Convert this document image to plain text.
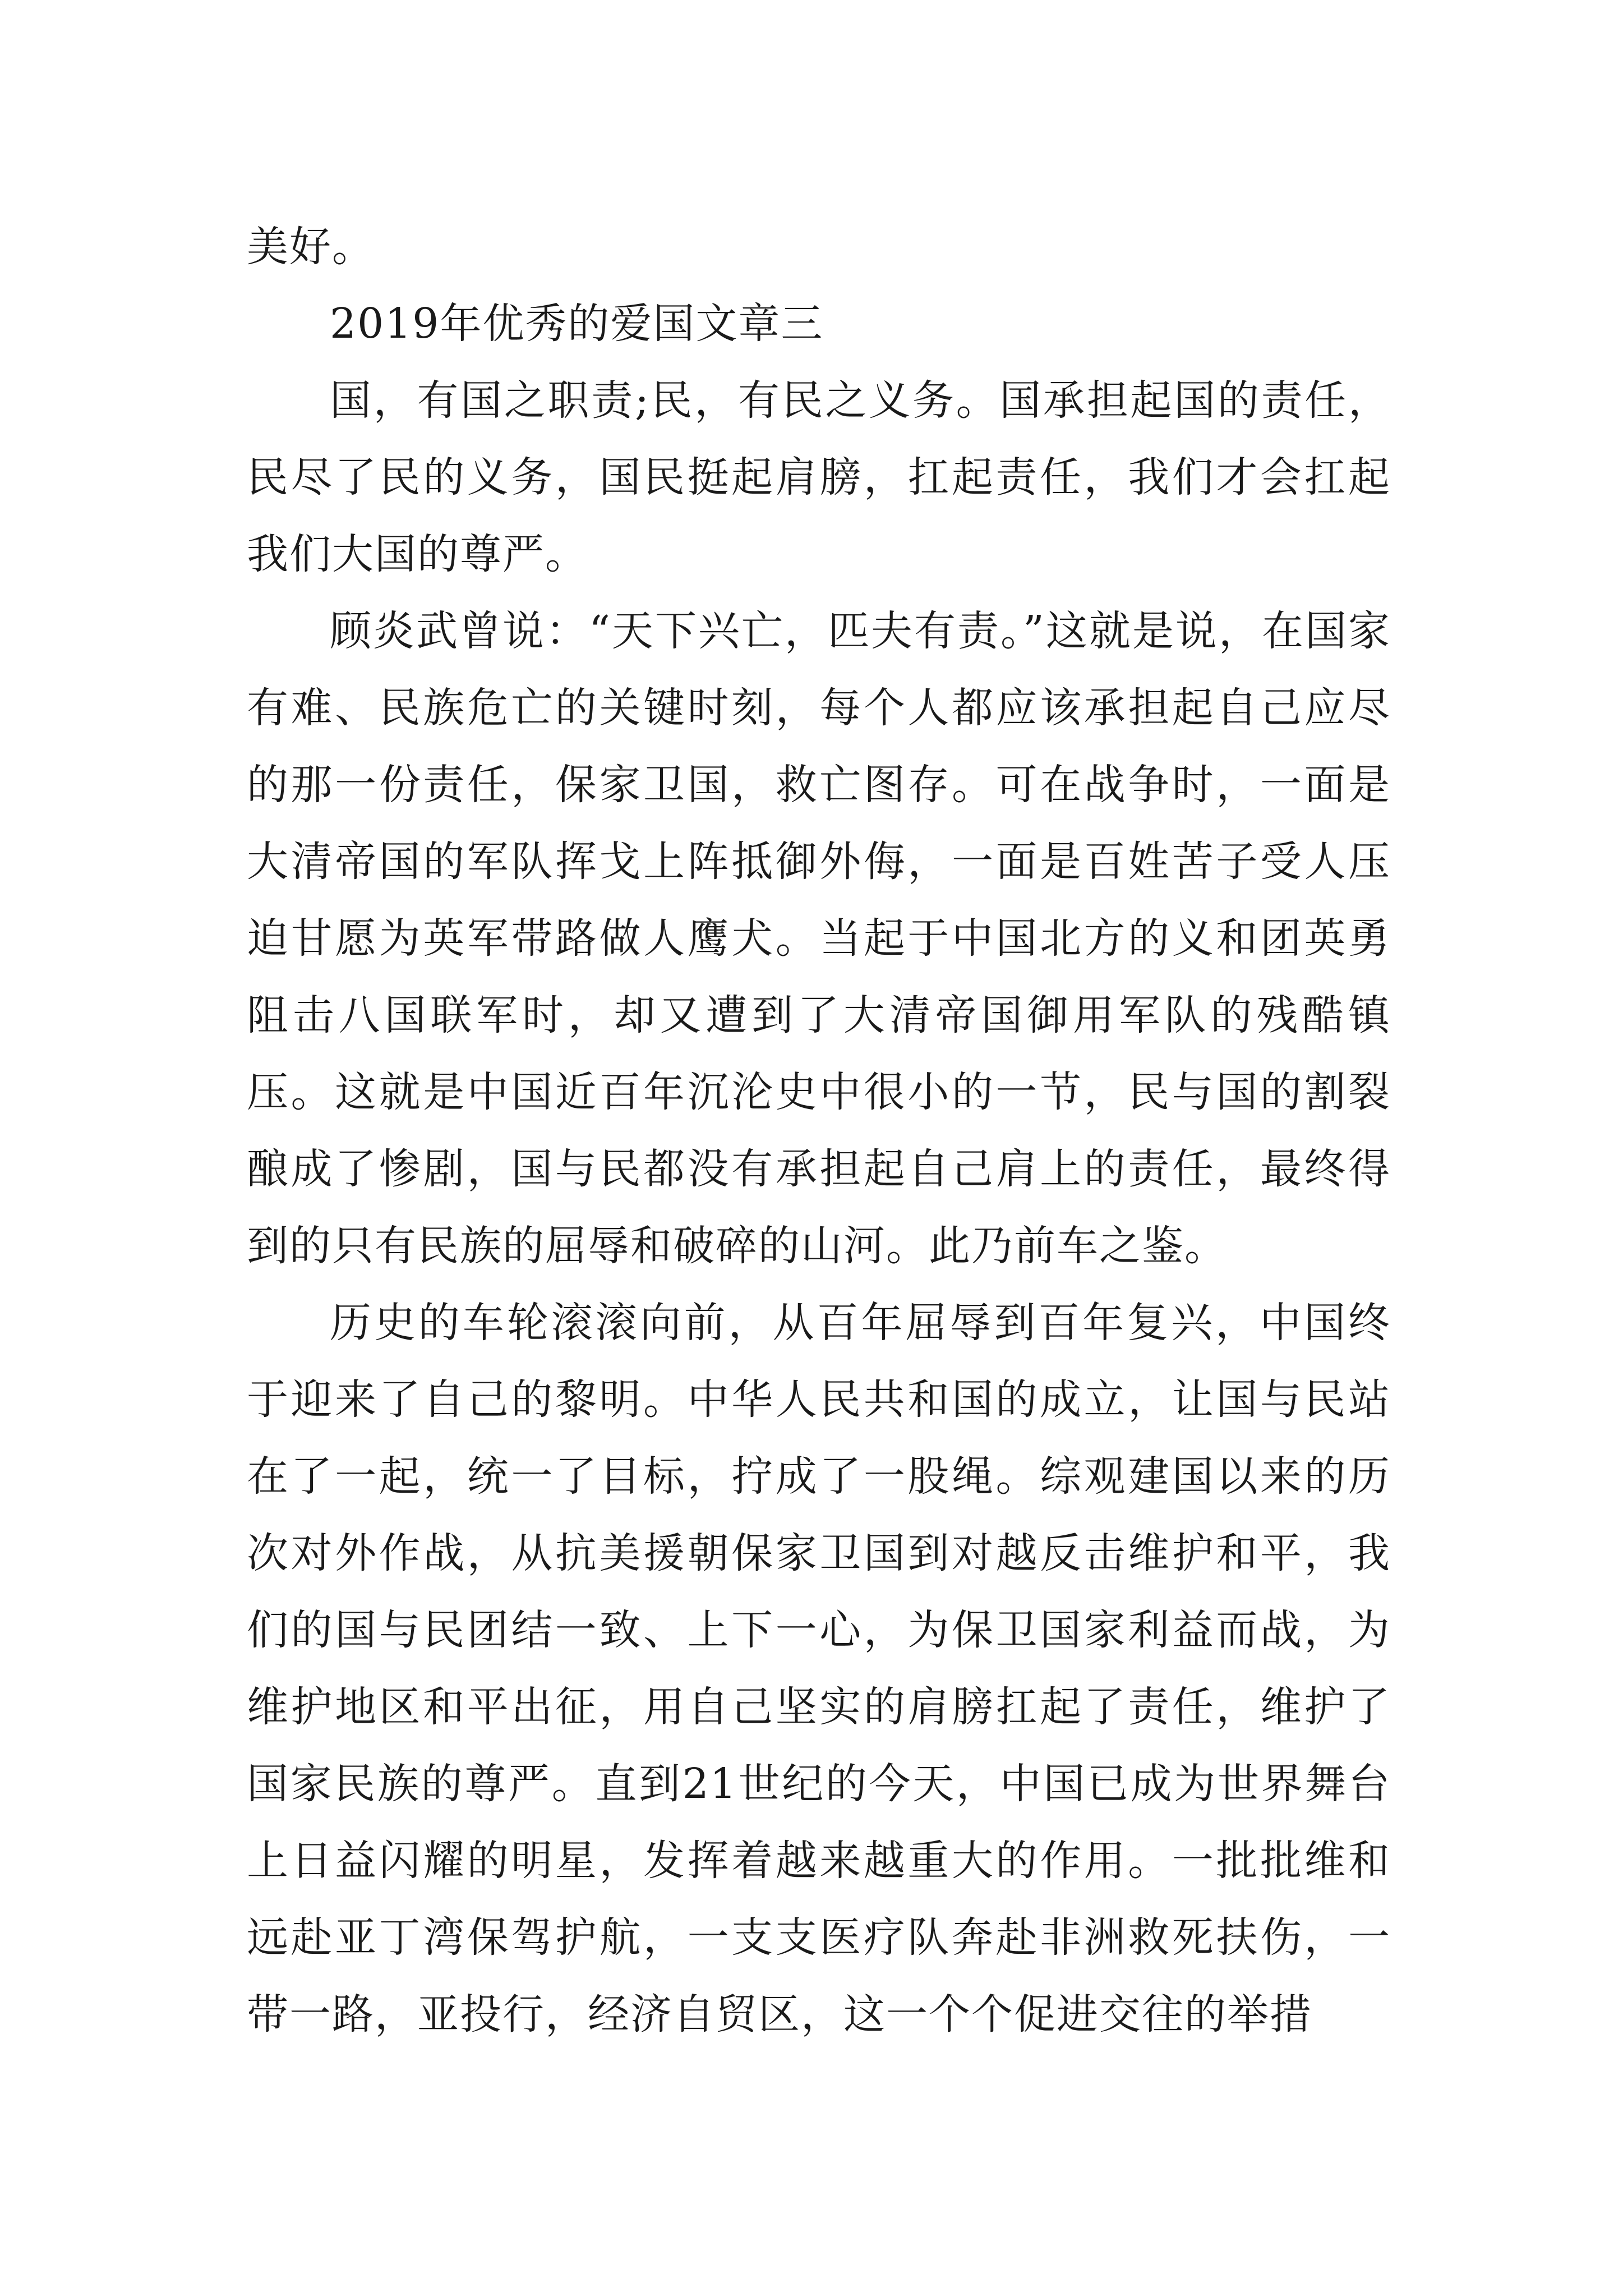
美好。

2019年优秀的爱国文章三

国，有国之职责;民，有民之义务。国承担起国的责任，民尽了民的义务，国民挺起肩膀，扛起责任，我们才会扛起我们大国的尊严。

顾炎武曾说：“天下兴亡，匹夫有责。”这就是说，在国家有难、民族危亡的关键时刻，每个人都应该承担起自己应尽的那一份责任，保家卫国，救亡图存。可在战争时，一面是大清帝国的军队挥戈上阵抵御外侮，一面是百姓苦子受人压迫甘愿为英军带路做人鹰犬。当起于中国北方的义和团英勇阻击八国联军时，却又遭到了大清帝国御用军队的残酷镇压。这就是中国近百年沉沦史中很小的一节，民与国的割裂酿成了惨剧，国与民都没有承担起自己肩上的责任，最终得到的只有民族的屈辱和破碎的山河。此乃前车之鉴。

历史的车轮滚滚向前，从百年屈辱到百年复兴，中国终于迎来了自己的黎明。中华人民共和国的成立，让国与民站在了一起，统一了目标，拧成了一股绳。综观建国以来的历次对外作战，从抗美援朝保家卫国到对越反击维护和平，我们的国与民团结一致、上下一心，为保卫国家利益而战，为维护地区和平出征，用自己坚实的肩膀扛起了责任，维护了国家民族的尊严。直到21世纪的今天，中国已成为世界舞台上日益闪耀的明星，发挥着越来越重大的作用。一批批维和远赴亚丁湾保驾护航，一支支医疗队奔赴非洲救死扶伤，一带一路，亚投行，经济自贸区，这一个个促进交往的举措
